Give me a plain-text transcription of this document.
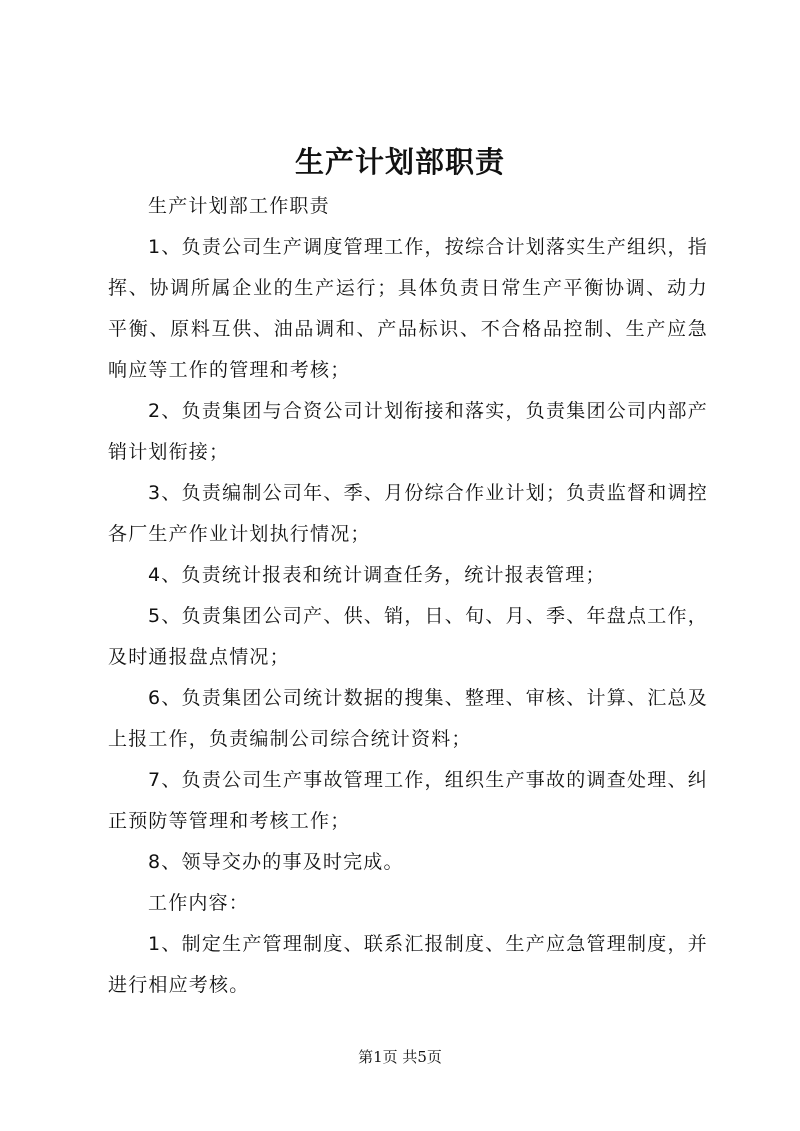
生产计划部职责

生产计划部工作职责

1、负责公司生产调度管理工作，按综合计划落实生产组织，指挥、协调所属企业的生产运行；具体负责日常生产平衡协调、动力平衡、原料互供、油品调和、产品标识、不合格品控制、生产应急响应等工作的管理和考核；

2、负责集团与合资公司计划衔接和落实，负责集团公司内部产销计划衔接；

3、负责编制公司年、季、月份综合作业计划；负责监督和调控各厂生产作业计划执行情况；

4、负责统计报表和统计调查任务，统计报表管理；

5、负责集团公司产、供、销，日、旬、月、季、年盘点工作，及时通报盘点情况；

6、负责集团公司统计数据的搜集、整理、审核、计算、汇总及上报工作，负责编制公司综合统计资料；

7、负责公司生产事故管理工作，组织生产事故的调查处理、纠正预防等管理和考核工作；

8、领导交办的事及时完成。

工作内容：

1、制定生产管理制度、联系汇报制度、生产应急管理制度，并进行相应考核。

第1页 共5页
